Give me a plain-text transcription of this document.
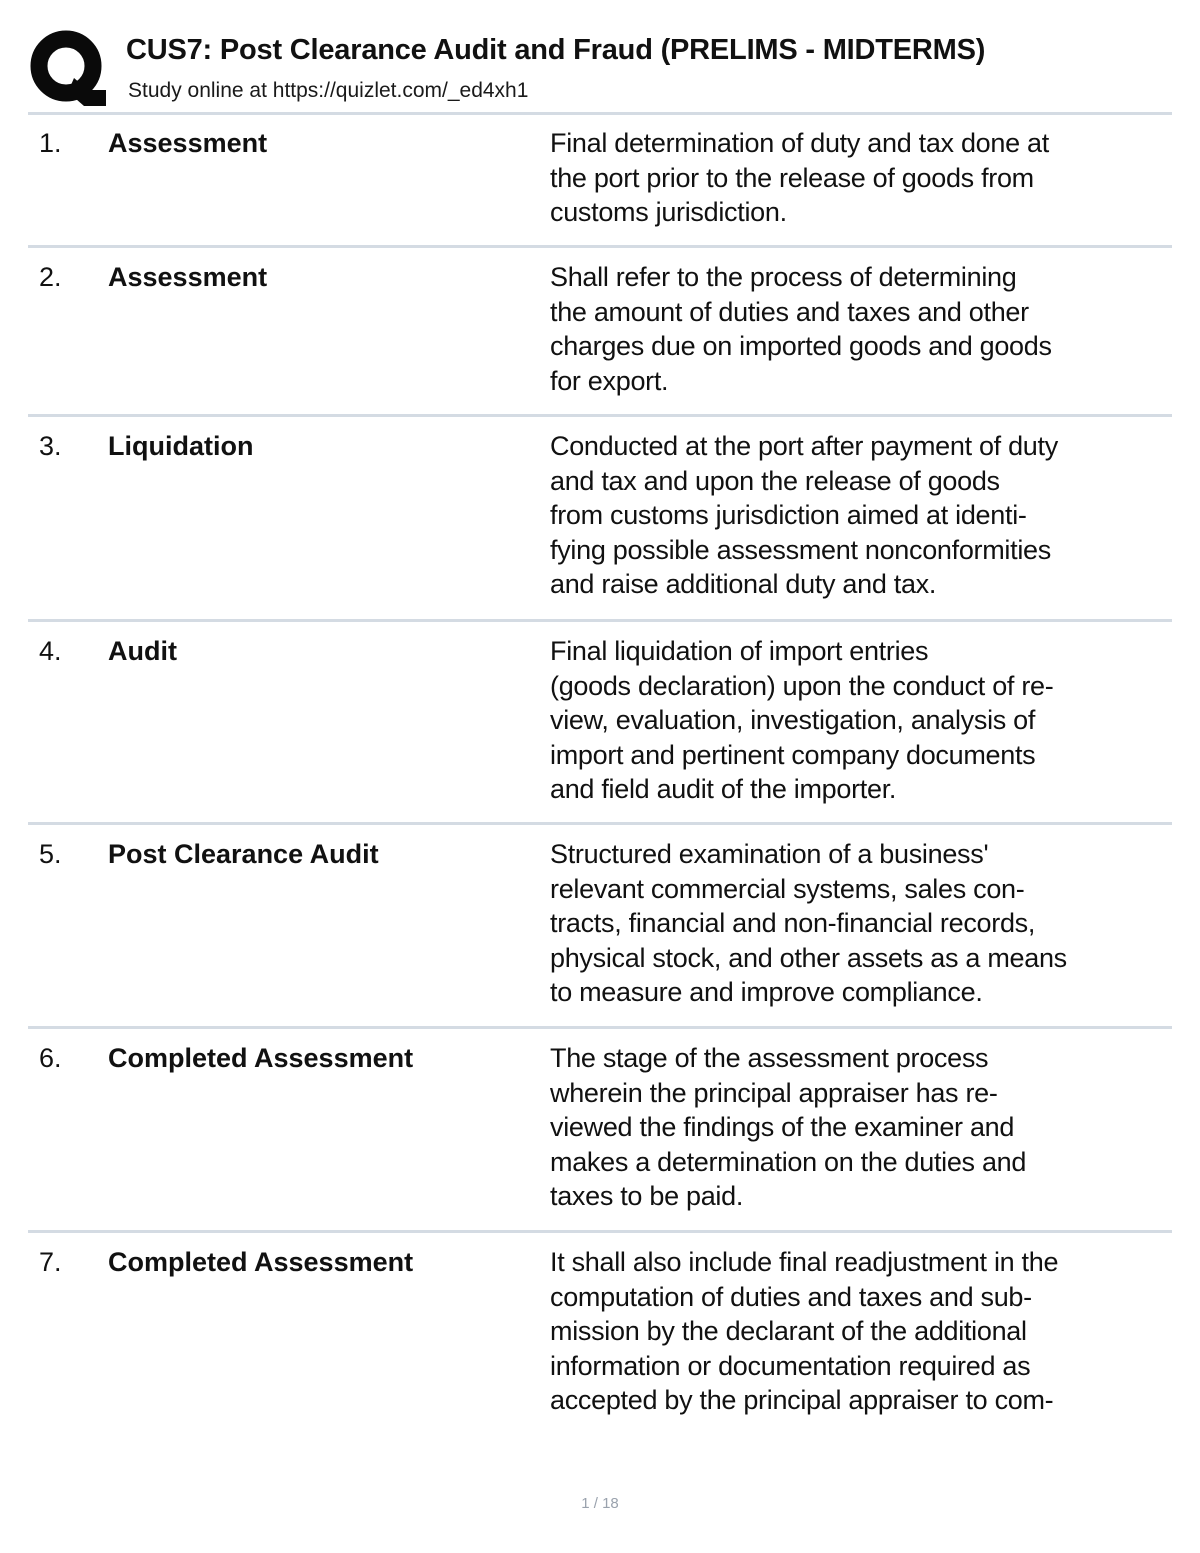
CUS7: Post Clearance Audit and Fraud (PRELIMS - MIDTERMS)
Study online at https://quizlet.com/_ed4xh1
1. Assessment	Final determination of duty and tax done at
the port prior to the release of goods from
customs jurisdiction.
2. Assessment	Shall refer to the process of determining
the amount of duties and taxes and other
charges due on imported goods and goods
for export.
3. Liquidation	Conducted at the port after payment of duty
and tax and upon the release of goods
from customs jurisdiction aimed at identi-
fying possible assessment nonconformities
and raise additional duty and tax.
4. Audit	Final liquidation of import entries
(goods declaration) upon the conduct of re-
view, evaluation, investigation, analysis of
import and pertinent company documents
and field audit of the importer.
5. Post Clearance Audit	Structured examination of a business'
relevant commercial systems, sales con-
tracts, financial and non-financial records,
physical stock, and other assets as a means
to measure and improve compliance.
6. Completed Assessment	The stage of the assessment process
wherein the principal appraiser has re-
viewed the findings of the examiner and
makes a determination on the duties and
taxes to be paid.
7. Completed Assessment	It shall also include final readjustment in the
computation of duties and taxes and sub-
mission by the declarant of the additional
information or documentation required as
accepted by the principal appraiser to com-
1 / 18
